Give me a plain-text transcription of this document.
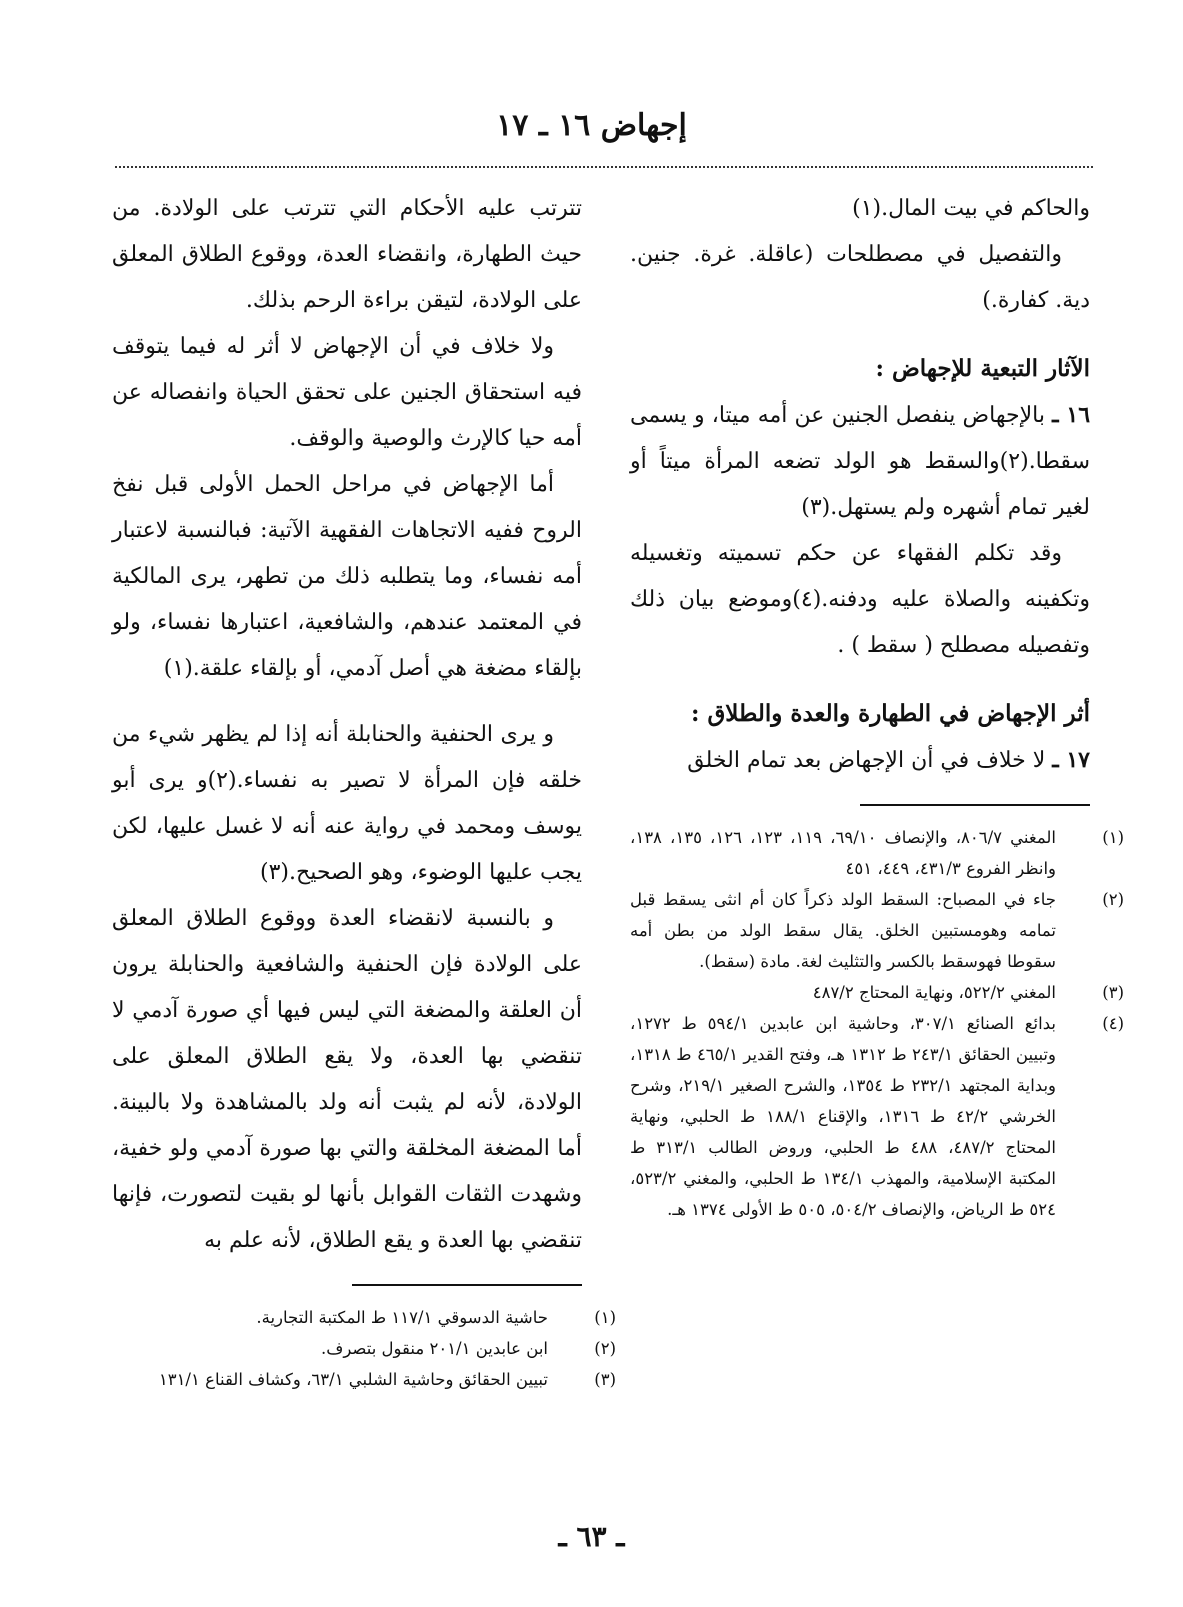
إجهاض ١٦ ـ ١٧

والحاكم في بيت المال.(١)

والتفصيل في مصطلحات (عاقلة. غرة. جنين. دية. كفارة.)

الآثار التبعية للإجهاض :

١٦ ـ بالإجهاض ينفصل الجنين عن أمه ميتا، و يسمى سقطا.(٢)والسقط هو الولد تضعه المرأة ميتاً أو لغير تمام أشهره ولم يستهل.(٣)

وقد تكلم الفقهاء عن حكم تسميته وتغسيله وتكفينه والصلاة عليه ودفنه.(٤)وموضع بيان ذلك وتفصيله مصطلح ( سقط ) .

أثر الإجهاض في الطهارة والعدة والطلاق :

١٧ ـ لا خلاف في أن الإجهاض بعد تمام الخلق

(١)المغني ٨٠٦/٧، والإنصاف ٦٩/١٠، ١١٩، ١٢٣، ١٢٦، ١٣٥، ١٣٨، وانظر الفروع ٤٣١/٣، ٤٤٩، ٤٥١

(٢)جاء في المصباح: السقط الولد ذكراً كان أم انثى يسقط قبل تمامه وهومستبين الخلق. يقال سقط الولد من بطن أمه سقوطا فهوسقط بالكسر والتثليث لغة. مادة (سقط).

(٣)المغني ٥٢٢/٢، ونهاية المحتاج ٤٨٧/٢

(٤)بدائع الصنائع ٣٠٧/١، وحاشية ابن عابدين ٥٩٤/١ ط ١٢٧٢، وتبيين الحقائق ٢٤٣/١ ط ١٣١٢ هـ، وفتح القدير ٤٦٥/١ ط ١٣١٨، وبداية المجتهد ٢٣٢/١ ط ١٣٥٤، والشرح الصغير ٢١٩/١، وشرح الخرشي ٤٢/٢ ط ١٣١٦، والإقناع ١٨٨/١ ط الحلبي، ونهاية المحتاج ٤٨٧/٢، ٤٨٨ ط الحلبي، وروض الطالب ٣١٣/١ ط المكتبة الإسلامية، والمهذب ١٣٤/١ ط الحلبي، والمغني ٥٢٣/٢، ٥٢٤ ط الرياض، والإنصاف ٥٠٤/٢، ٥٠٥ ط الأولى ١٣٧٤ هـ.

تترتب عليه الأحكام التي تترتب على الولادة. من حيث الطهارة، وانقضاء العدة، ووقوع الطلاق المعلق على الولادة، لتيقن براءة الرحم بذلك.

ولا خلاف في أن الإجهاض لا أثر له فيما يتوقف فيه استحقاق الجنين على تحقق الحياة وانفصاله عن أمه حيا كالإرث والوصية والوقف.

أما الإجهاض في مراحل الحمل الأولى قبل نفخ الروح ففيه الاتجاهات الفقهية الآتية: فبالنسبة لاعتبار أمه نفساء، وما يتطلبه ذلك من تطهر، يرى المالكية في المعتمد عندهم، والشافعية، اعتبارها نفساء، ولو بإلقاء مضغة هي أصل آدمي، أو بإلقاء علقة.(١)

و يرى الحنفية والحنابلة أنه إذا لم يظهر شيء من خلقه فإن المرأة لا تصير به نفساء.(٢)و يرى أبو يوسف ومحمد في رواية عنه أنه لا غسل عليها، لكن يجب عليها الوضوء، وهو الصحيح.(٣)

و بالنسبة لانقضاء العدة ووقوع الطلاق المعلق على الولادة فإن الحنفية والشافعية والحنابلة يرون أن العلقة والمضغة التي ليس فيها أي صورة آدمي لا تنقضي بها العدة، ولا يقع الطلاق المعلق على الولادة، لأنه لم يثبت أنه ولد بالمشاهدة ولا بالبينة. أما المضغة المخلقة والتي بها صورة آدمي ولو خفية، وشهدت الثقات القوابل بأنها لو بقيت لتصورت، فإنها تنقضي بها العدة و يقع الطلاق، لأنه علم به

(١)حاشية الدسوقي ١١٧/١ ط المكتبة التجارية.

(٢)ابن عابدين ٢٠١/١ منقول بتصرف.

(٣)تبيين الحقائق وحاشية الشلبي ٦٣/١، وكشاف القناع ١٣١/١

ـ ٦٣ ـ
